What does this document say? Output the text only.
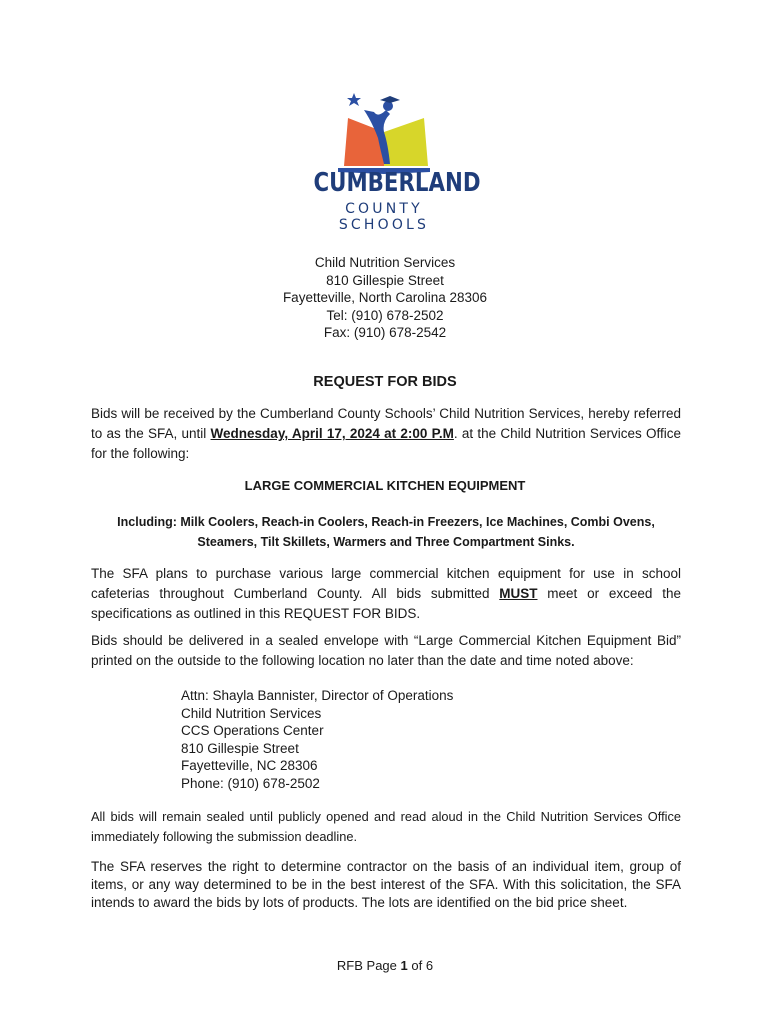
CUMBERLAND
COUNTY SCHOOLS
Child Nutrition Services
810 Gillespie Street
Fayetteville, North Carolina 28306
Tel: (910) 678-2502
Fax: (910) 678-2542
REQUEST FOR BIDS
Bids will be received by the Cumberland County Schools’ Child Nutrition Services, hereby referred to as the SFA, until Wednesday, April 17, 2024 at 2:00 P.M. at the Child Nutrition Services Office for the following:
LARGE COMMERCIAL KITCHEN EQUIPMENT
Including: Milk Coolers, Reach-in Coolers, Reach-in Freezers, Ice Machines, Combi Ovens,
Steamers, Tilt Skillets, Warmers and Three Compartment Sinks.
The SFA plans to purchase various large commercial kitchen equipment for use in school cafeterias throughout Cumberland County. All bids submitted MUST meet or exceed the specifications as outlined in this REQUEST FOR BIDS.
Bids should be delivered in a sealed envelope with “Large Commercial Kitchen Equipment Bid” printed on the outside to the following location no later than the date and time noted above:
Attn: Shayla Bannister, Director of Operations
Child Nutrition Services
CCS Operations Center
810 Gillespie Street
Fayetteville, NC 28306
Phone: (910) 678-2502
All bids will remain sealed until publicly opened and read aloud in the Child Nutrition Services Office immediately following the submission deadline.
The SFA reserves the right to determine contractor on the basis of an individual item, group of items, or any way determined to be in the best interest of the SFA. With this solicitation, the SFA intends to award the bids by lots of products. The lots are identified on the bid price sheet.
RFB Page 1 of 6
